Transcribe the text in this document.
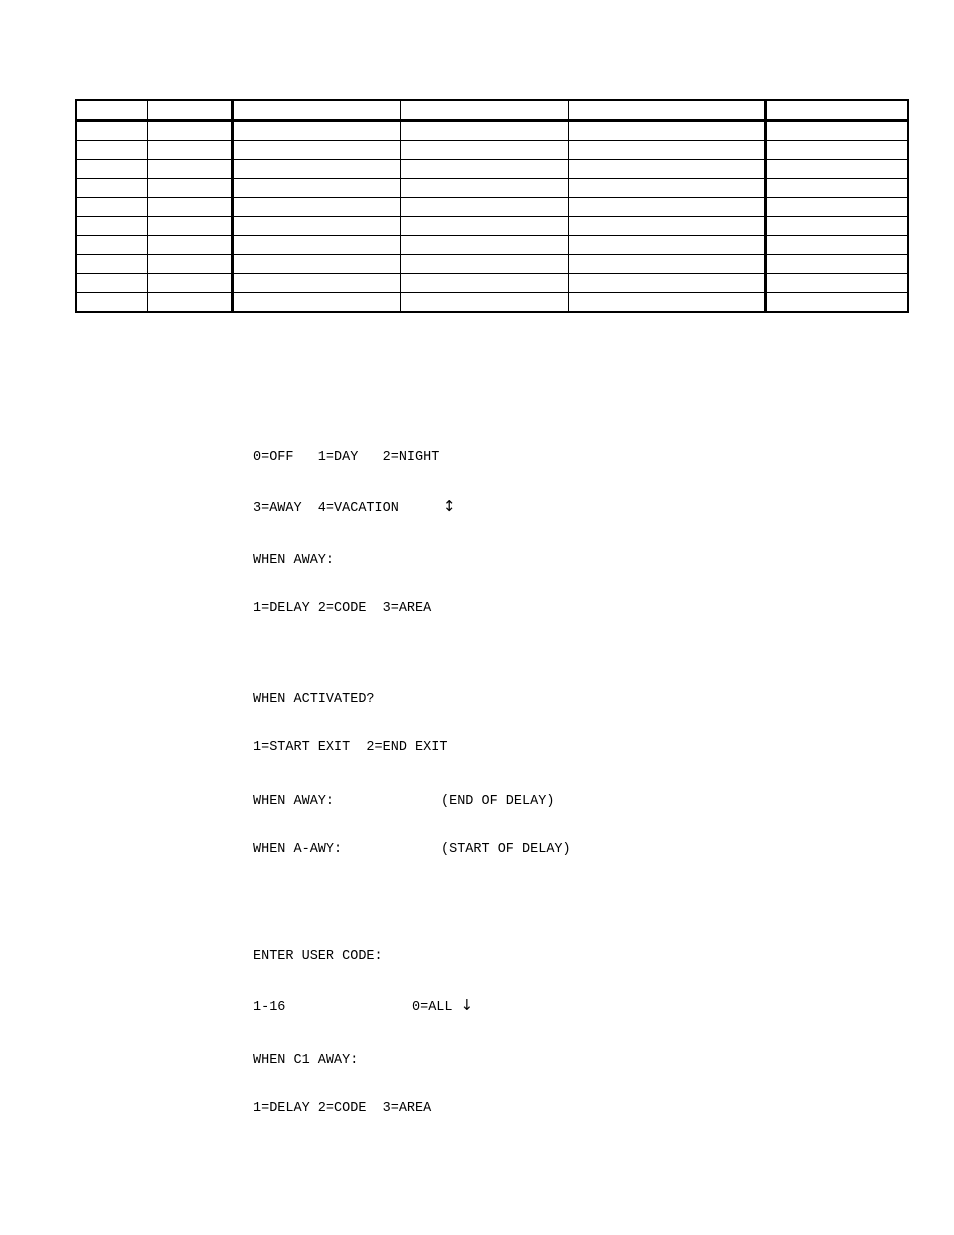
0=OFF   1=DAY   2=NIGHT

3=AWAY  4=VACATION	↕

WHEN AWAY:

1=DELAY 2=CODE  3=AREA

WHEN ACTIVATED?

1=START EXIT  2=END EXIT

WHEN AWAY:	(END OF DELAY)

WHEN A-AWY:	(START OF DELAY)

ENTER USER CODE:

1-16	0=ALL ↓

WHEN C1 AWAY:

1=DELAY 2=CODE  3=AREA
